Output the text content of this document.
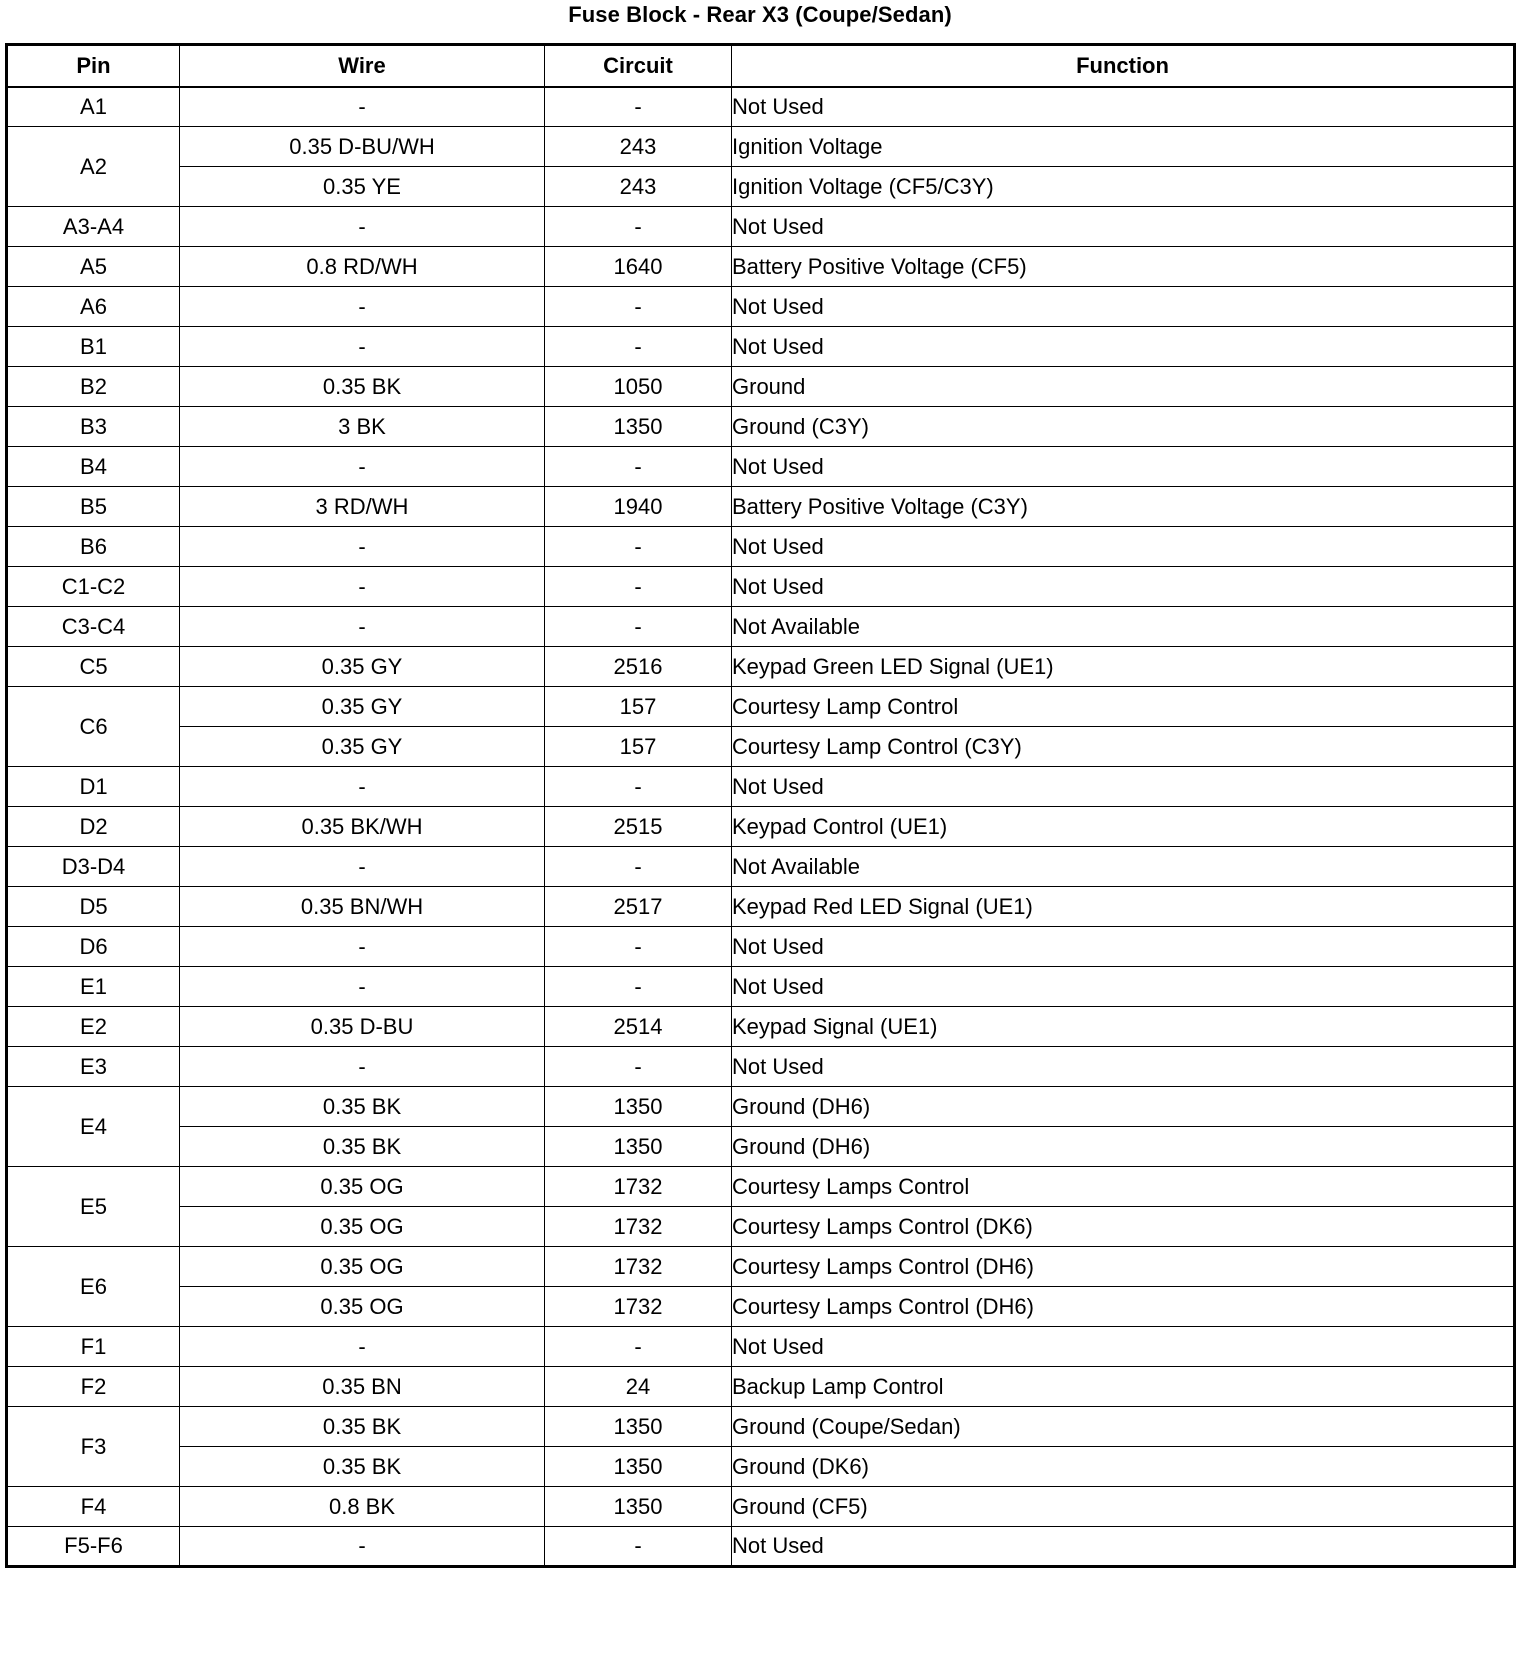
Fuse Block - Rear X3 (Coupe/Sedan)
Pin	Wire	Circuit	Function
A1	-	-	Not Used
A2	0.35 D-BU/WH	243	Ignition Voltage
	0.35 YE	243	Ignition Voltage (CF5/C3Y)
A3-A4	-	-	Not Used
A5	0.8 RD/WH	1640	Battery Positive Voltage (CF5)
A6	-	-	Not Used
B1	-	-	Not Used
B2	0.35 BK	1050	Ground
B3	3 BK	1350	Ground (C3Y)
B4	-	-	Not Used
B5	3 RD/WH	1940	Battery Positive Voltage (C3Y)
B6	-	-	Not Used
C1-C2	-	-	Not Used
C3-C4	-	-	Not Available
C5	0.35 GY	2516	Keypad Green LED Signal (UE1)
C6	0.35 GY	157	Courtesy Lamp Control
	0.35 GY	157	Courtesy Lamp Control (C3Y)
D1	-	-	Not Used
D2	0.35 BK/WH	2515	Keypad Control (UE1)
D3-D4	-	-	Not Available
D5	0.35 BN/WH	2517	Keypad Red LED Signal (UE1)
D6	-	-	Not Used
E1	-	-	Not Used
E2	0.35 D-BU	2514	Keypad Signal (UE1)
E3	-	-	Not Used
E4	0.35 BK	1350	Ground (DH6)
	0.35 BK	1350	Ground (DH6)
E5	0.35 OG	1732	Courtesy Lamps Control
	0.35 OG	1732	Courtesy Lamps Control (DK6)
E6	0.35 OG	1732	Courtesy Lamps Control (DH6)
	0.35 OG	1732	Courtesy Lamps Control (DH6)
F1	-	-	Not Used
F2	0.35 BN	24	Backup Lamp Control
F3	0.35 BK	1350	Ground (Coupe/Sedan)
	0.35 BK	1350	Ground (DK6)
F4	0.8 BK	1350	Ground (CF5)
F5-F6	-	-	Not Used
